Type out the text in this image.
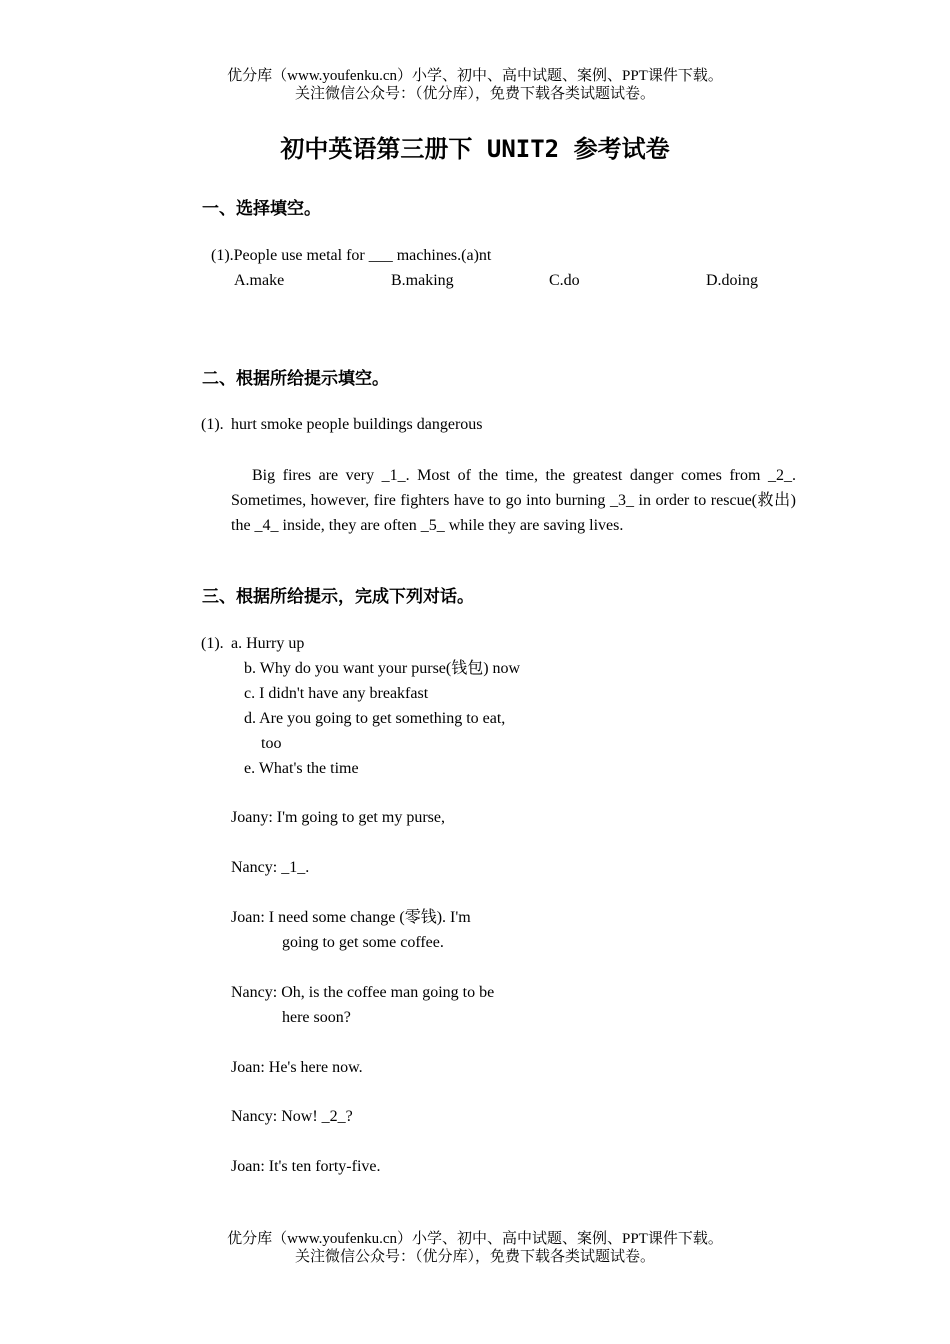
优分库（www.youfenku.cn）小学、初中、高中试题、案例、PPT课件下载。
关注微信公众号：（优分库），免费下载各类试题试卷。
初中英语第三册下 UNIT2 参考试卷
一、选择填空。
(1).People use metal for ___ machines.(a)nt
A.make	B.making	C.do	D.doing
二、根据所给提示填空。
(1). hurt smoke people buildings dangerous
Big fires are very _1_. Most of the time, the greatest danger comes from _2_. Sometimes, however, fire fighters have to go into burning _3_ in order to rescue(救出) the _4_ inside, they are often _5_ while they are saving lives.
三、根据所给提示，完成下列对话。
(1). a. Hurry up
b. Why do you want your purse(钱包) now
c. I didn't have any breakfast
d. Are you going to get something to eat,
too
e. What's the time
Joany: I'm going to get my purse,
Nancy: _1_.
Joan: I need some change (零钱). I'm
going to get some coffee.
Nancy: Oh, is the coffee man going to be
here soon?
Joan: He's here now.
Nancy: Now! _2_?
Joan: It's ten forty-five.
优分库（www.youfenku.cn）小学、初中、高中试题、案例、PPT课件下载。
关注微信公众号：（优分库），免费下载各类试题试卷。
